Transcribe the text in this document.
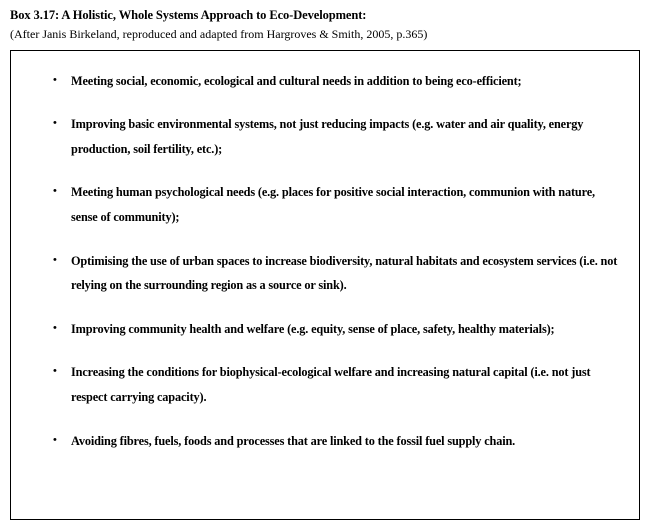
Box 3.17: A Holistic, Whole Systems Approach to Eco-Development:
(After Janis Birkeland, reproduced and adapted from Hargroves & Smith, 2005, p.365)
• Meeting social, economic, ecological and cultural needs in addition to being eco-efficient;
• Improving basic environmental systems, not just reducing impacts (e.g. water and air quality, energy production, soil fertility, etc.);
• Meeting human psychological needs (e.g. places for positive social interaction, communion with nature, sense of community);
• Optimising the use of urban spaces to increase biodiversity, natural habitats and ecosystem services (i.e. not relying on the surrounding region as a source or sink).
• Improving community health and welfare (e.g. equity, sense of place, safety, healthy materials);
• Increasing the conditions for biophysical-ecological welfare and increasing natural capital (i.e. not just respect carrying capacity).
• Avoiding fibres, fuels, foods and processes that are linked to the fossil fuel supply chain.
